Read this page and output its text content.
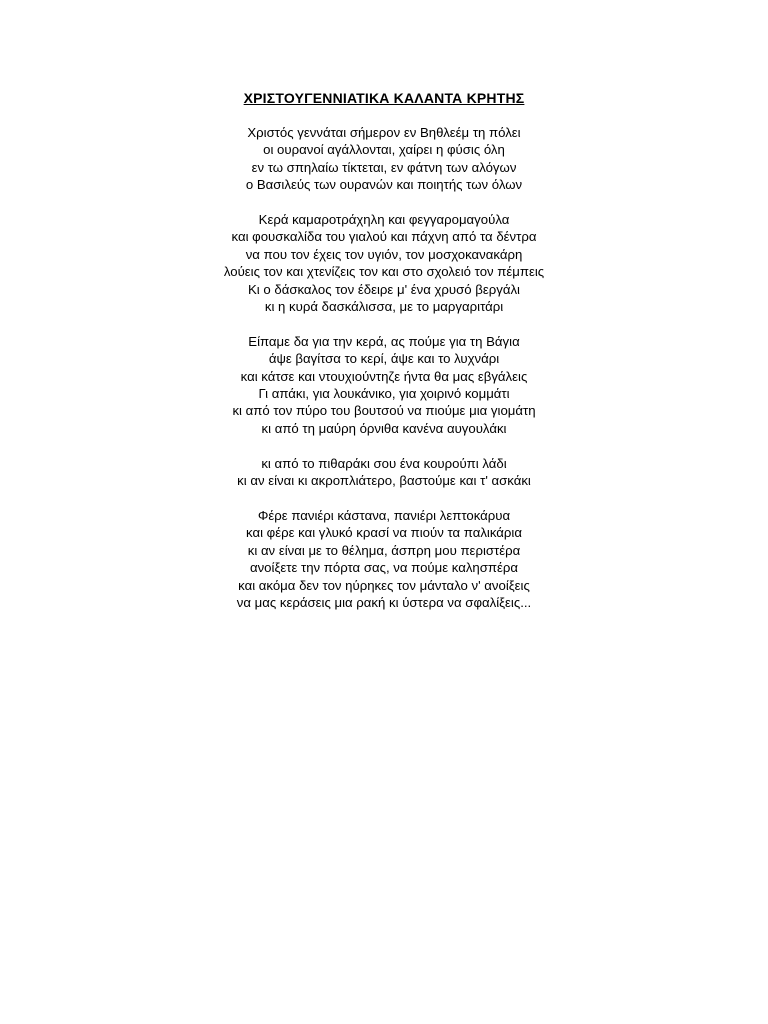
ΧΡΙΣΤΟΥΓΕΝΝΙΑΤΙΚΑ ΚΑΛΑΝΤΑ ΚΡΗΤΗΣ
Χριστός γεννάται σήμερον εν Βηθλεέμ τη πόλει
οι ουρανοί αγάλλονται, χαίρει η φύσις όλη
εν τω σπηλαίω τίκτεται, εν φάτνη των αλόγων
ο Βασιλεύς των ουρανών και ποιητής των όλων
Κερά καμαροτράχηλη και φεγγαρομαγούλα
και φουσκαλίδα του γιαλού και πάχνη από τα δέντρα
να που τον έχεις τον υγιόν, τον μοσχοκανακάρη
λούεις τον και χτενίζεις τον και στο σχολειό τον πέμπεις
Κι ο δάσκαλος τον έδειρε μ' ένα χρυσό βεργάλι
κι η κυρά δασκάλισσα, με το μαργαριτάρι
Είπαμε δα για την κερά, ας πούμε για τη Βάγια
άψε βαγίτσα το κερί, άψε και το λυχνάρι
και κάτσε και ντουχιούντηζε ήντα θα μας εβγάλεις
Γι απάκι, για λουκάνικο, για χοιρινό κομμάτι
κι από τον πύρο του βουτσού να πιούμε μια γιομάτη
κι από τη μαύρη όρνιθα κανένα αυγουλάκι
κι από το πιθαράκι σου ένα κουρούπι λάδι
κι αν είναι κι ακροπλιάτερο, βαστούμε και τ' ασκάκι
Φέρε πανιέρι κάστανα, πανιέρι λεπτοκάρυα
και φέρε και γλυκό κρασί να πιούν τα παλικάρια
κι αν είναι με το θέλημα, άσπρη μου περιστέρα
ανοίξετε την πόρτα σας, να πούμε καλησπέρα
και ακόμα δεν τον ηύρηκες τον μάνταλο ν' ανοίξεις
να μας κεράσεις μια ρακή κι ύστερα να σφαλίξεις...
